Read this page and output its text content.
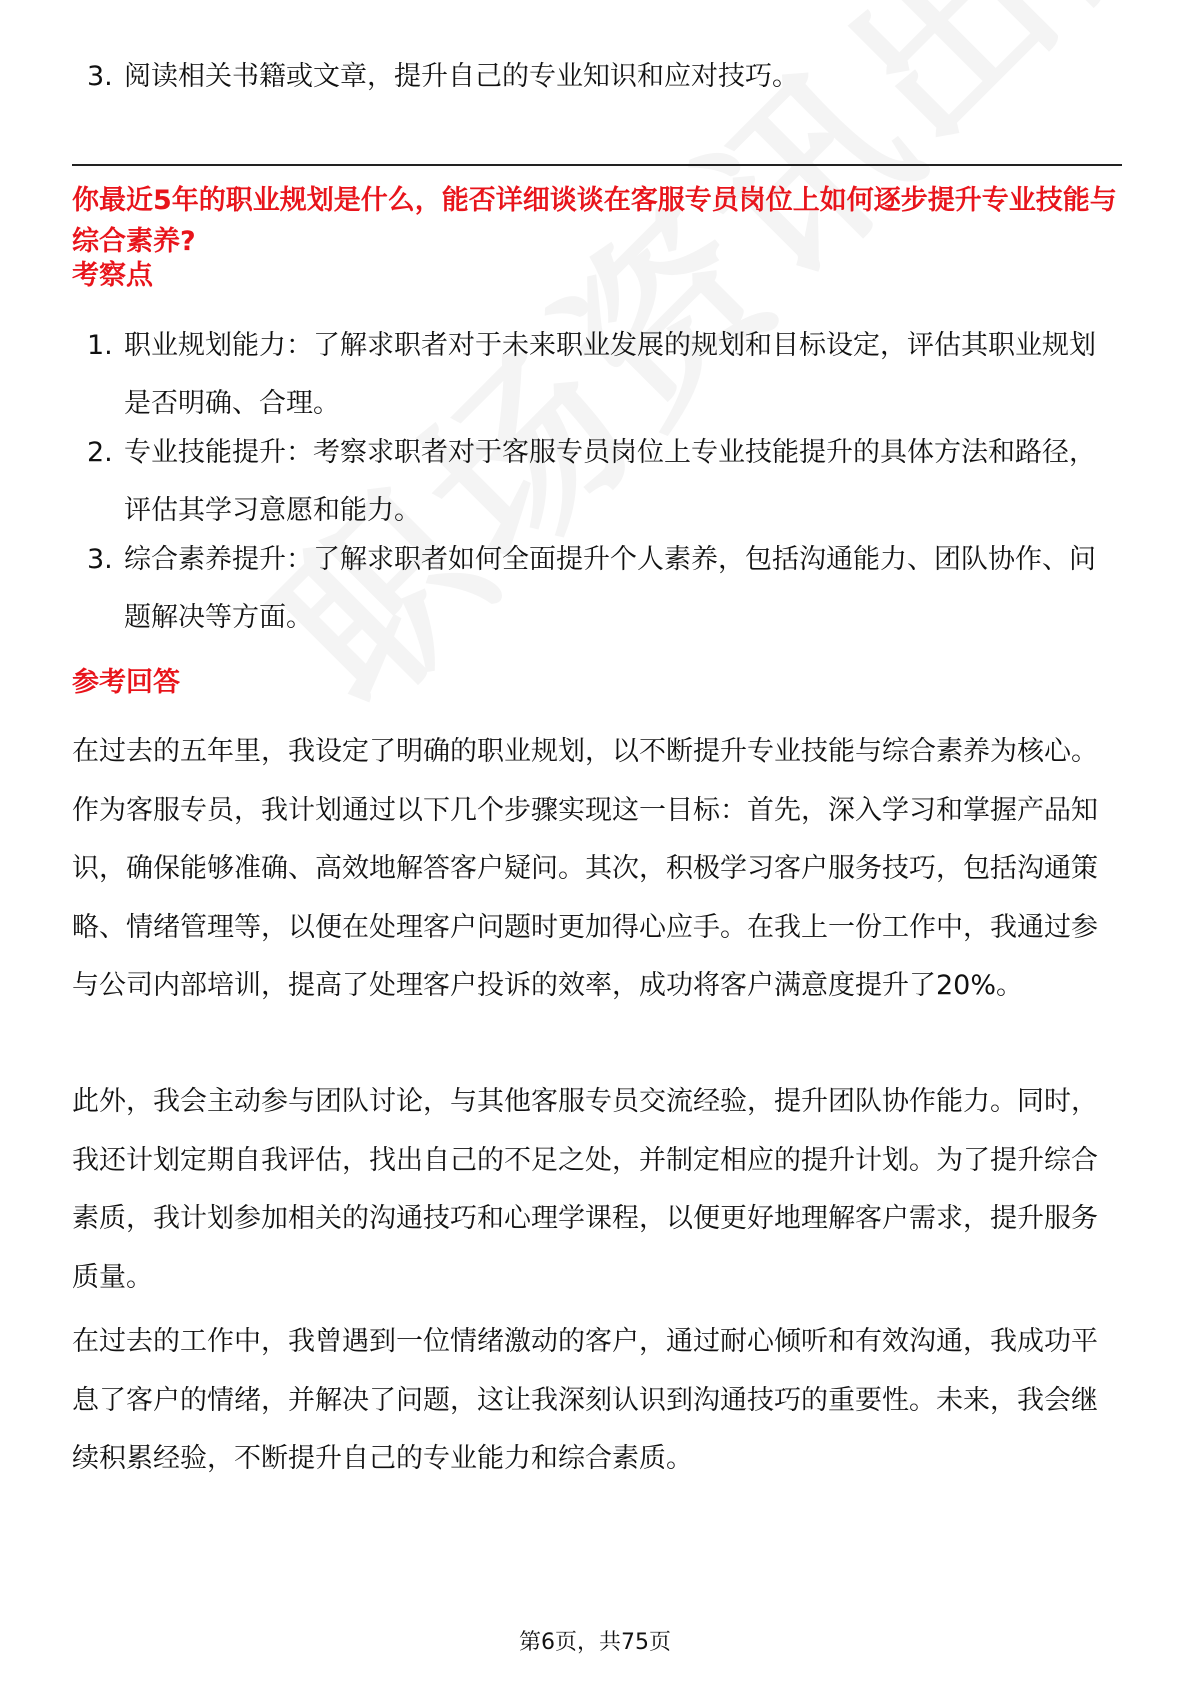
3. 阅读相关书籍或文章，提升自己的专业知识和应对技巧。
你最近5年的职业规划是什么，能否详细谈谈在客服专员岗位上如何逐步提升专业技能与综合素养?
考察点
1. 职业规划能力：了解求职者对于未来职业发展的规划和目标设定，评估其职业规划是否明确、合理。
2. 专业技能提升：考察求职者对于客服专员岗位上专业技能提升的具体方法和路径，评估其学习意愿和能力。
3. 综合素养提升：了解求职者如何全面提升个人素养，包括沟通能力、团队协作、问题解决等方面。
参考回答
在过去的五年里，我设定了明确的职业规划，以不断提升专业技能与综合素养为核心。作为客服专员，我计划通过以下几个步骤实现这一目标：首先，深入学习和掌握产品知识，确保能够准确、高效地解答客户疑问。其次，积极学习客户服务技巧，包括沟通策略、情绪管理等，以便在处理客户问题时更加得心应手。在我上一份工作中，我通过参与公司内部培训，提高了处理客户投诉的效率，成功将客户满意度提升了20%。
此外，我会主动参与团队讨论，与其他客服专员交流经验，提升团队协作能力。同时，我还计划定期自我评估，找出自己的不足之处，并制定相应的提升计划。为了提升综合素质，我计划参加相关的沟通技巧和心理学课程，以便更好地理解客户需求，提升服务质量。
在过去的工作中，我曾遇到一位情绪激动的客户，通过耐心倾听和有效沟通，我成功平息了客户的情绪，并解决了问题，这让我深刻认识到沟通技巧的重要性。未来，我会继续积累经验，不断提升自己的专业能力和综合素质。
第6页，共75页
